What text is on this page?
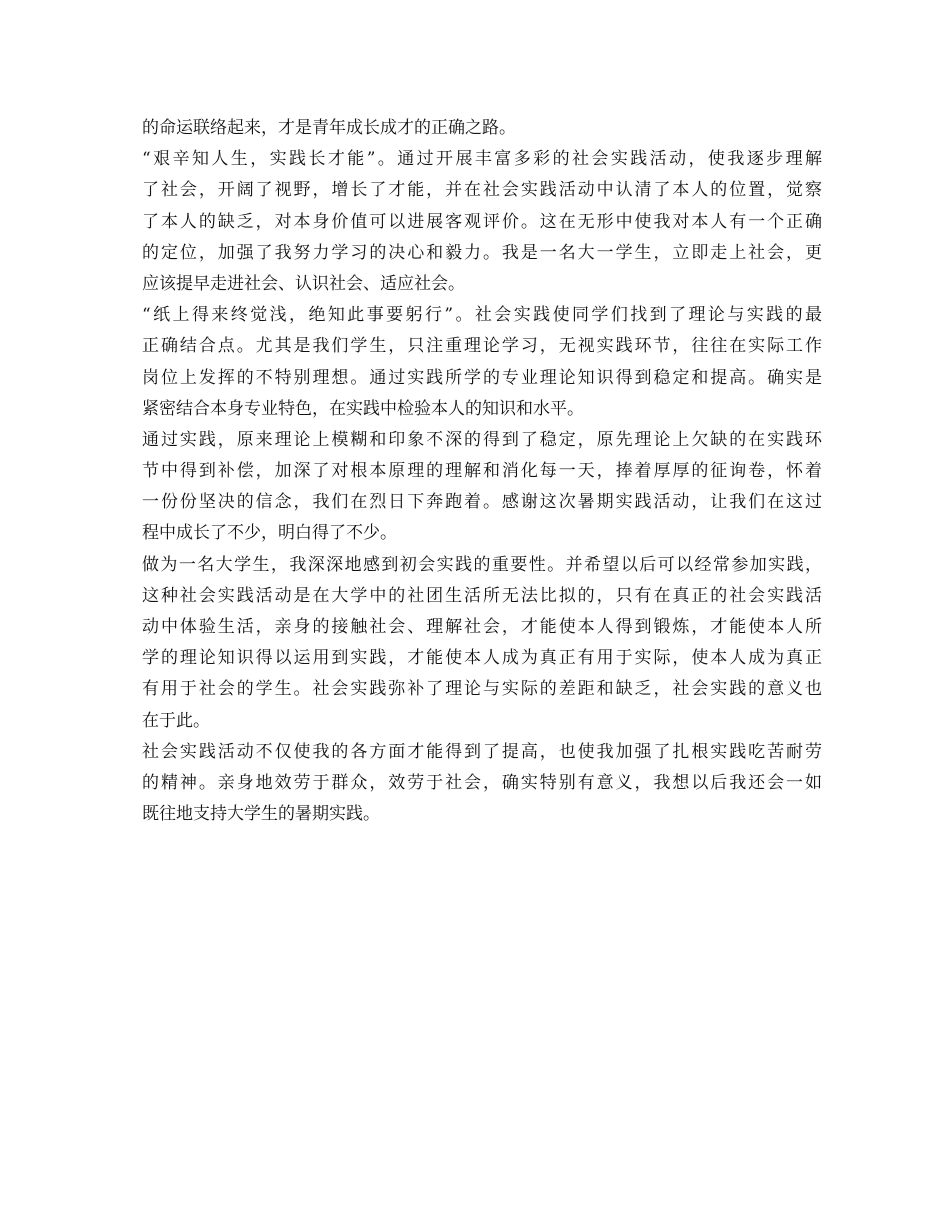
的命运联络起来，才是青年成长成才的正确之路。
“艰辛知人生，实践长才能”。通过开展丰富多彩的社会实践活动，使我逐步理解
了社会，开阔了视野，增长了才能，并在社会实践活动中认清了本人的位置，觉察
了本人的缺乏，对本身价值可以进展客观评价。这在无形中使我对本人有一个正确
的定位，加强了我努力学习的决心和毅力。我是一名大一学生，立即走上社会，更
应该提早走进社会、认识社会、适应社会。
“纸上得来终觉浅，绝知此事要躬行”。社会实践使同学们找到了理论与实践的最
正确结合点。尤其是我们学生，只注重理论学习，无视实践环节，往往在实际工作
岗位上发挥的不特别理想。通过实践所学的专业理论知识得到稳定和提高。确实是
紧密结合本身专业特色，在实践中检验本人的知识和水平。
通过实践，原来理论上模糊和印象不深的得到了稳定，原先理论上欠缺的在实践环
节中得到补偿，加深了对根本原理的理解和消化每一天，捧着厚厚的征询卷，怀着
一份份坚决的信念，我们在烈日下奔跑着。感谢这次暑期实践活动，让我们在这过
程中成长了不少，明白得了不少。
做为一名大学生，我深深地感到初会实践的重要性。并希望以后可以经常参加实践，
这种社会实践活动是在大学中的社团生活所无法比拟的，只有在真正的社会实践活
动中体验生活，亲身的接触社会、理解社会，才能使本人得到锻炼，才能使本人所
学的理论知识得以运用到实践，才能使本人成为真正有用于实际，使本人成为真正
有用于社会的学生。社会实践弥补了理论与实际的差距和缺乏，社会实践的意义也
在于此。
社会实践活动不仅使我的各方面才能得到了提高，也使我加强了扎根实践吃苦耐劳
的精神。亲身地效劳于群众，效劳于社会，确实特别有意义，我想以后我还会一如
既往地支持大学生的暑期实践。
